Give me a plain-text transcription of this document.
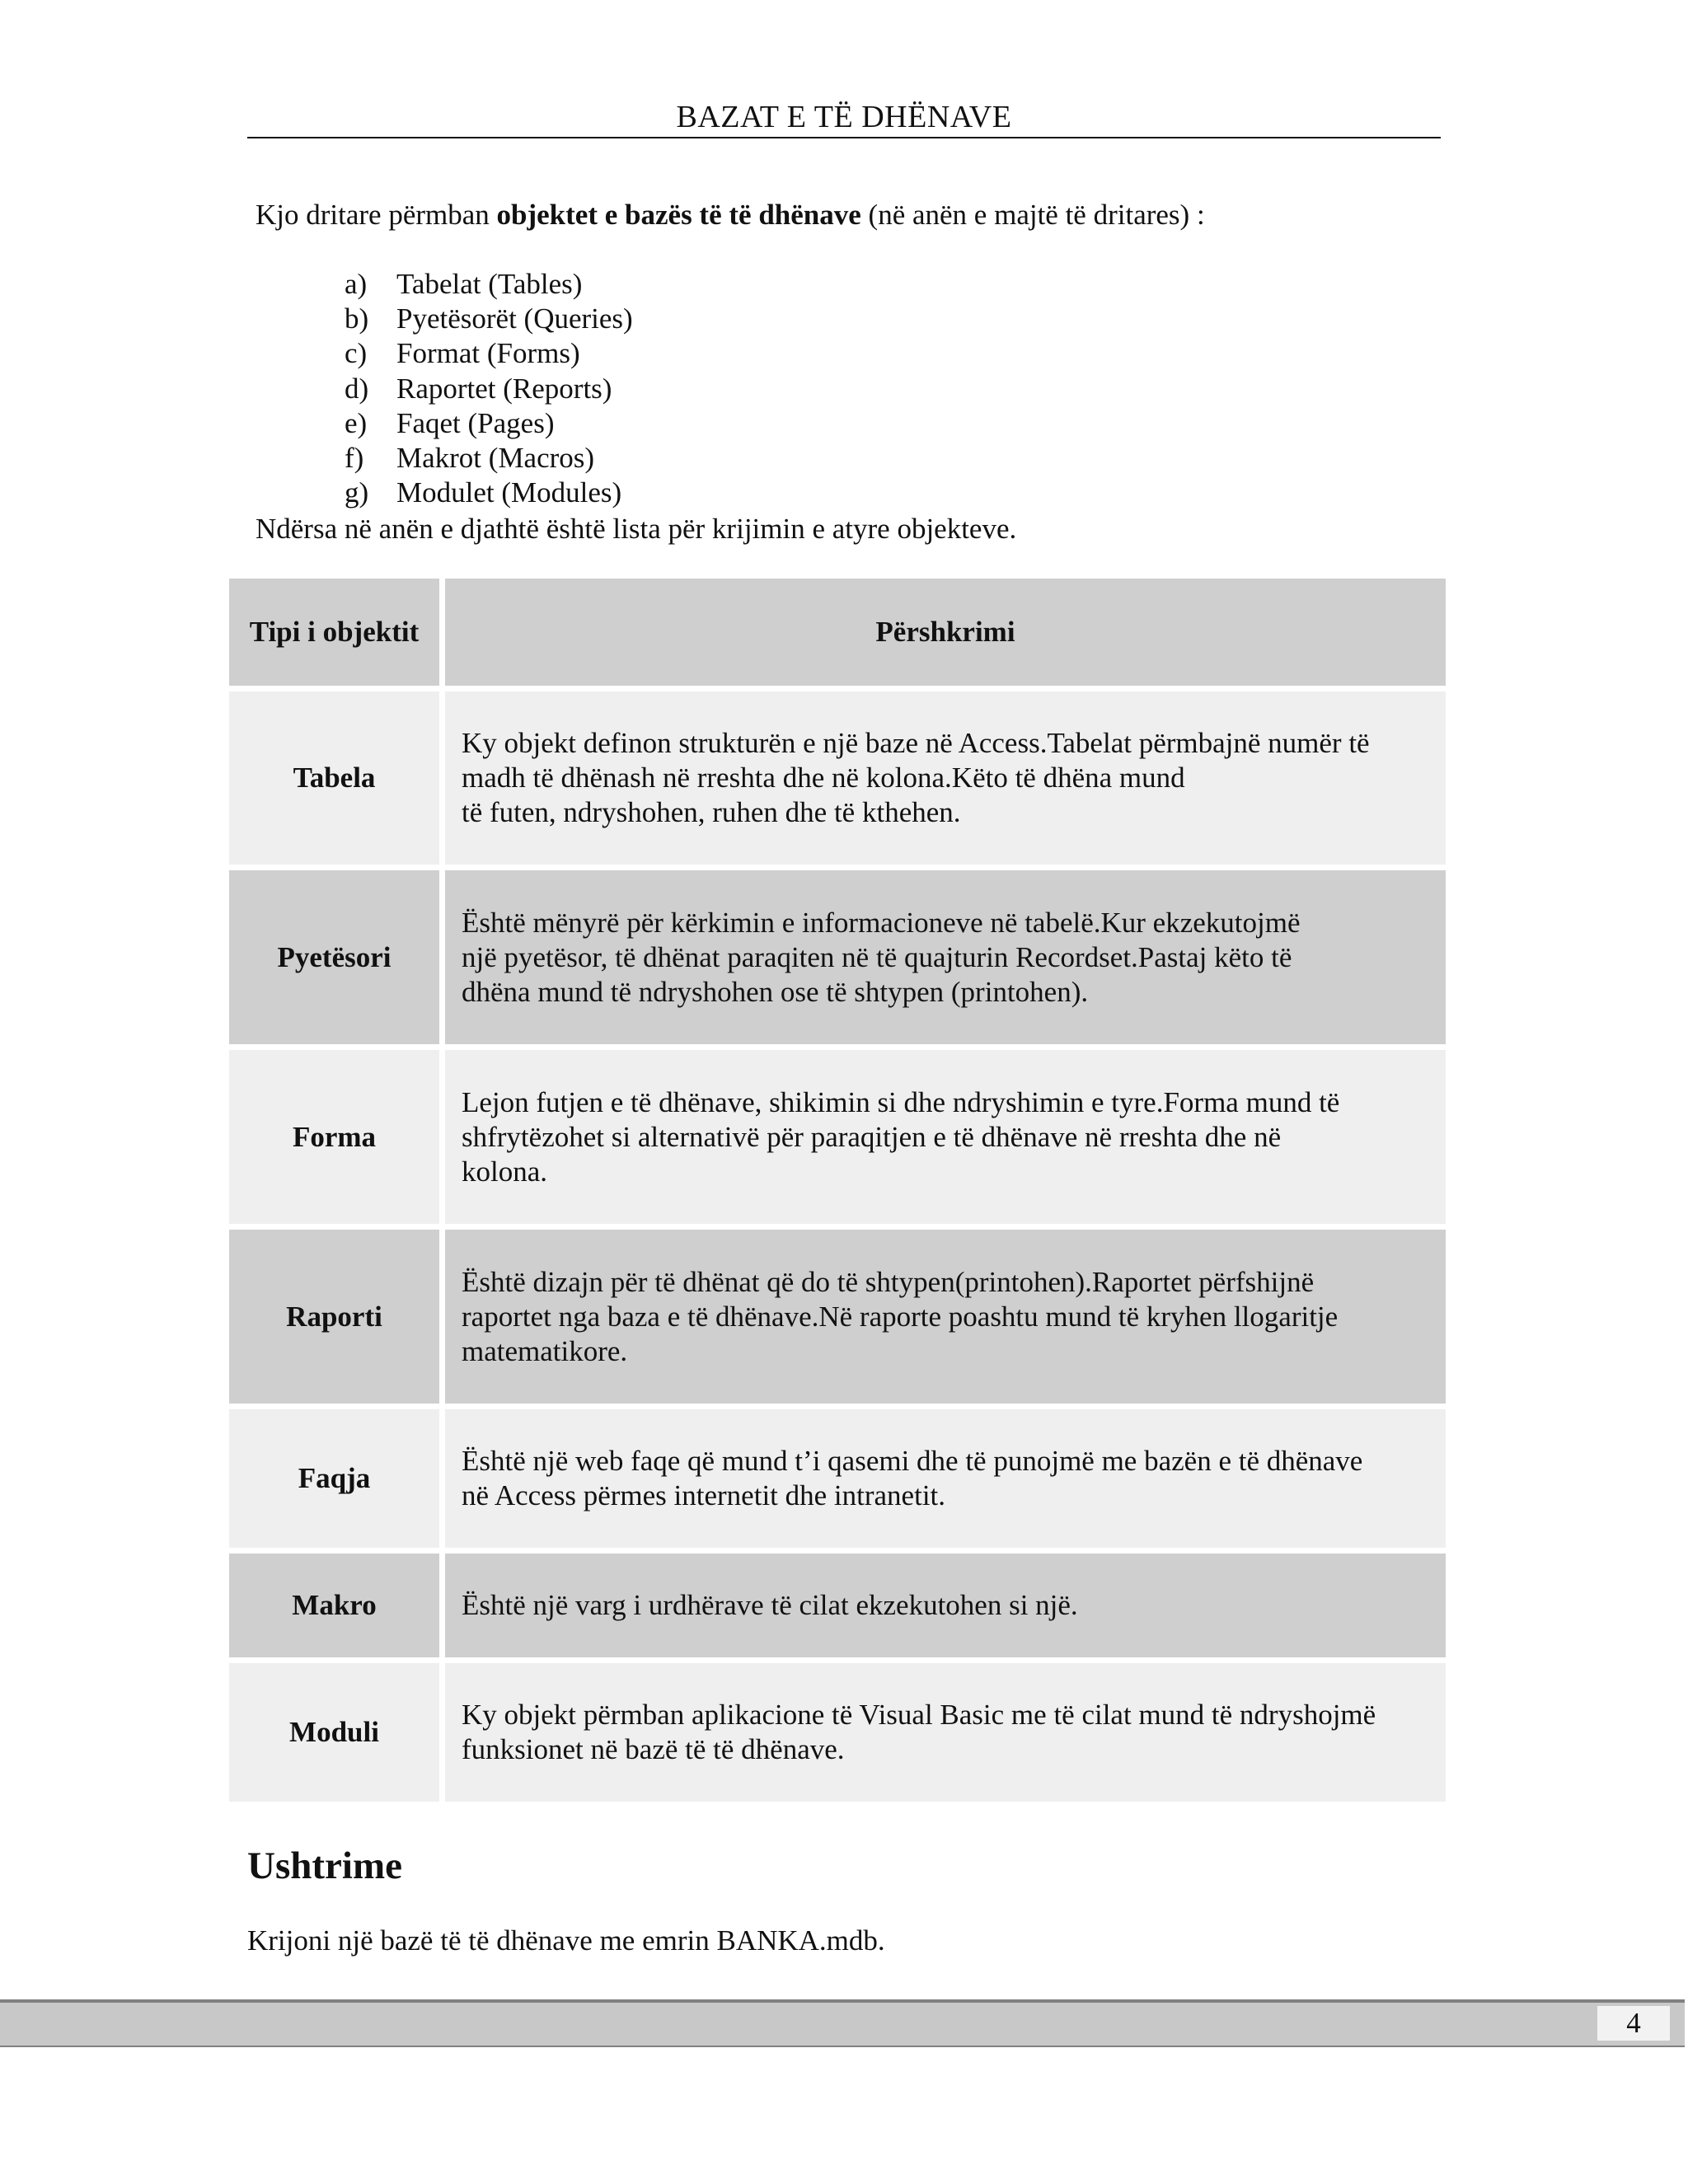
BAZAT E TË DHËNAVE
Kjo dritare përmban objektet e bazës të të dhënave (në anën e majtë të dritares) :
a)	Tabelat (Tables)
b) Pyetësorët (Queries)
c)	Format (Forms)
d) Raportet (Reports)
e)	Faqet (Pages)
f)	Makrot (Macros)
g) Modulet (Modules)
Ndërsa në anën e djathtë është lista për krijimin e atyre objekteve.
Tipi i objektit	Përshkrimi
Tabela	Ky objekt definon strukturën e një baze në Access.Tabelat përmbajnë numër të
madh të dhënash në rreshta dhe në kolona.Këto të dhëna mund
të futen, ndryshohen, ruhen dhe të kthehen.

Pyetësori	Është mënyrë për kërkimin e informacioneve në tabelë.Kur ekzekutojmë
një pyetësor, të dhënat paraqiten në të quajturin Recordset.Pastaj këto të
dhëna mund të ndryshohen ose të shtypen (printohen).

Forma	Lejon futjen e të dhënave, shikimin si dhe ndryshimin e tyre.Forma mund të
shfrytëzohet si alternativë për paraqitjen e të dhënave në rreshta dhe në
kolona.

Raporti	Është dizajn për të dhënat që do të shtypen(printohen).Raportet përfshijnë
raportet nga baza e të dhënave.Në raporte poashtu mund të kryhen llogaritje
matematikore.

Faqja	Është një web faqe që mund t’i qasemi dhe të punojmë me bazën e të dhënave
në Access përmes internetit dhe intranetit.

Makro	Është një varg i urdhërave të cilat ekzekutohen si një.

Moduli	Ky objekt përmban aplikacione të Visual Basic me të cilat mund të ndryshojmë
funksionet në bazë të të dhënave.
Ushtrime
Krijoni një bazë të të dhënave me emrin BANKA.mdb.
4
